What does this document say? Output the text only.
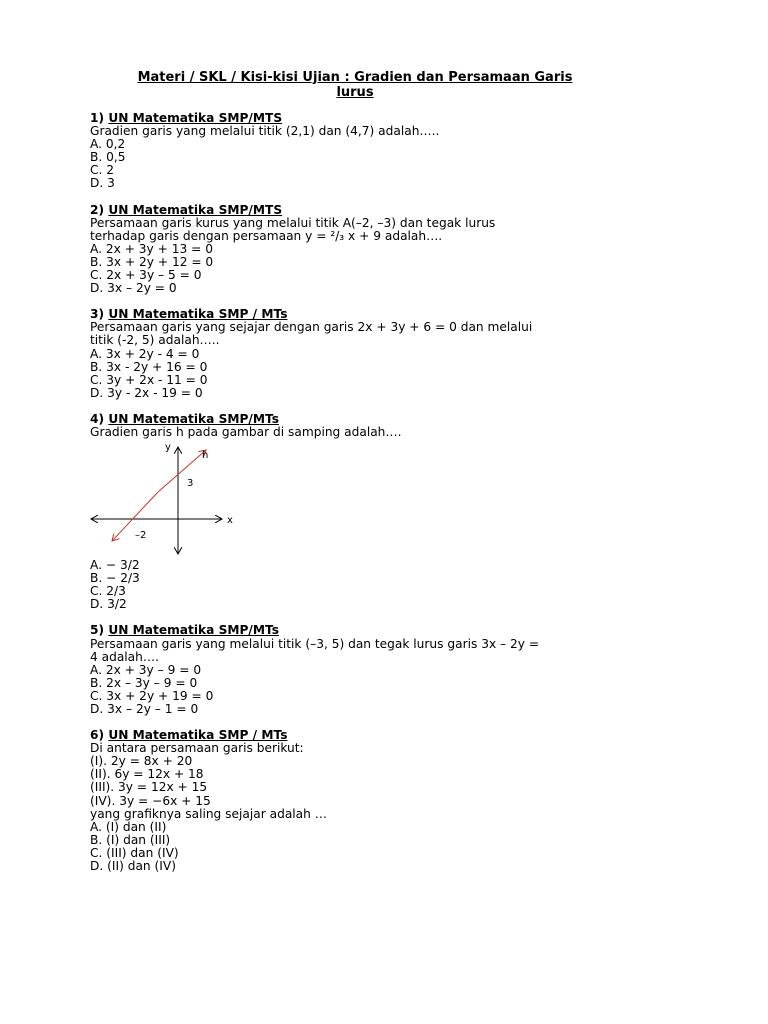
Materi / SKL / Kisi-kisi Ujian : Gradien dan Persamaan Garis
lurus
1) UN Matematika SMP/MTS
Gradien garis yang melalui titik (2,1) dan (4,7) adalah…..
A. 0,2
B. 0,5
C. 2
D. 3
2) UN Matematika SMP/MTS
Persamaan garis kurus yang melalui titik A(–2, –3) dan tegak lurus
terhadap garis dengan persamaan y = ²/₃ x + 9 adalah….
A. 2x + 3y + 13 = 0
B. 3x + 2y + 12 = 0
C. 2x + 3y – 5 = 0
D. 3x – 2y = 0
3) UN Matematika SMP / MTs
Persamaan garis yang sejajar dengan garis 2x + 3y + 6 = 0 dan melalui
titik (-2, 5) adalah…..
A. 3x + 2y - 4 = 0
B. 3x - 2y + 16 = 0
C. 3y + 2x - 11 = 0
D. 3y - 2x - 19 = 0
4) UN Matematika SMP/MTs
Gradien garis h pada gambar di samping adalah….
y
x
h
3
–2
A. − 3/2
B. − 2/3
C. 2/3
D. 3/2
5) UN Matematika SMP/MTs
Persamaan garis yang melalui titik (–3, 5) dan tegak lurus garis 3x – 2y =
4 adalah….
A. 2x + 3y – 9 = 0
B. 2x – 3y – 9 = 0
C. 3x + 2y + 19 = 0
D. 3x – 2y – 1 = 0
6) UN Matematika SMP / MTs
Di antara persamaan garis berikut:
(I). 2y = 8x + 20
(II). 6y = 12x + 18
(III). 3y = 12x + 15
(IV). 3y = −6x + 15
yang grafiknya saling sejajar adalah …
A. (I) dan (II)
B. (I) dan (III)
C. (III) dan (IV)
D. (II) dan (IV)
